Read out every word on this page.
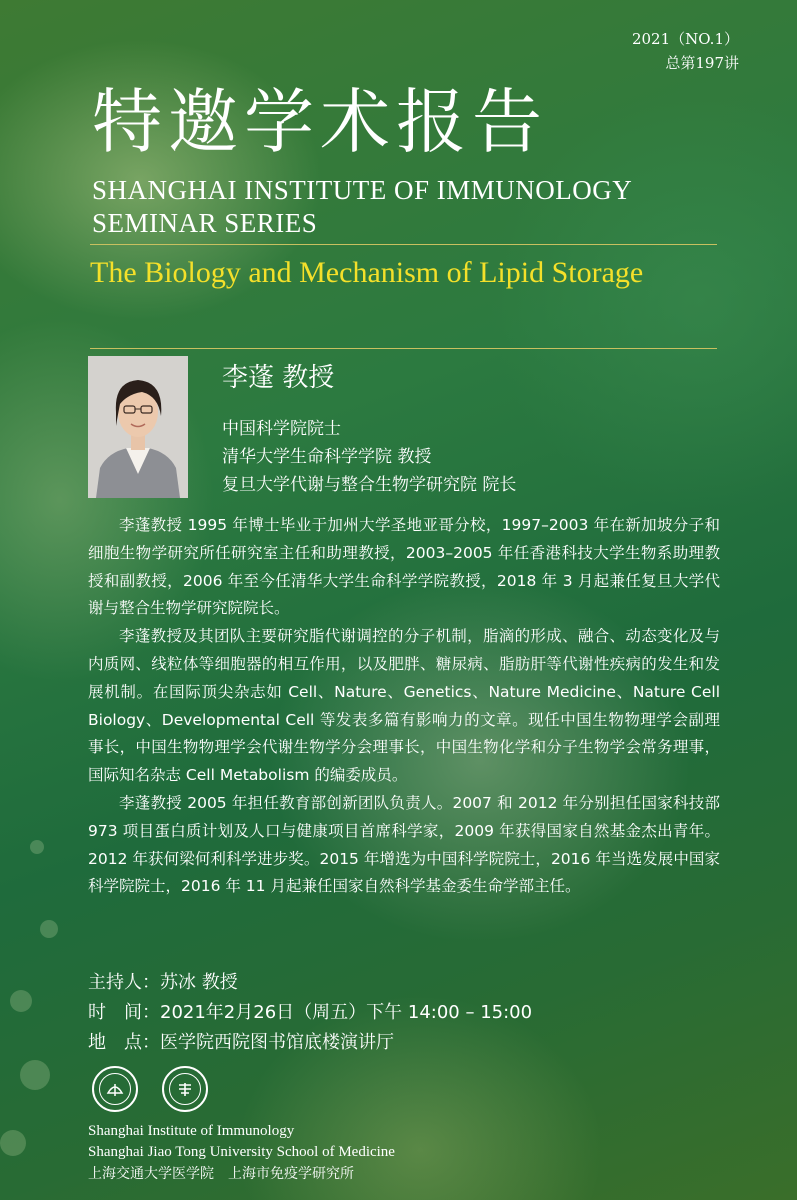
2021（NO.1）
总第197讲
特邀学术报告
SHANGHAI INSTITUTE OF IMMUNOLOGY
SEMINAR SERIES
The Biology and Mechanism of Lipid Storage
李蓬 教授
中国科学院院士
清华大学生命科学学院 教授
复旦大学代谢与整合生物学研究院 院长

李蓬教授 1995 年博士毕业于加州大学圣地亚哥分校，1997–2003 年在新加坡分子和细胞生物学研究所任研究室主任和助理教授，2003–2005 年任香港科技大学生物系助理教授和副教授，2006 年至今任清华大学生命科学学院教授，2018 年 3 月起兼任复旦大学代谢与整合生物学研究院院长。

李蓬教授及其团队主要研究脂代谢调控的分子机制，脂滴的形成、融合、动态变化及与内质网、线粒体等细胞器的相互作用，以及肥胖、糖尿病、脂肪肝等代谢性疾病的发生和发展机制。在国际顶尖杂志如 Cell、Nature、Genetics、Nature Medicine、Nature Cell Biology、Developmental Cell 等发表多篇有影响力的文章。现任中国生物物理学会副理事长，中国生物物理学会代谢生物学分会理事长，中国生物化学和分子生物学会常务理事，国际知名杂志 Cell Metabolism 的编委成员。

李蓬教授 2005 年担任教育部创新团队负责人。2007 和 2012 年分别担任国家科技部 973 项目蛋白质计划及人口与健康项目首席科学家，2009 年获得国家自然基金杰出青年。2012 年获何梁何利科学进步奖。2015 年增选为中国科学院院士，2016 年当选发展中国家科学院院士，2016 年 11 月起兼任国家自然科学基金委生命学部主任。

主持人：苏冰 教授
时　间：2021年2月26日（周五）下午 14:00 – 15:00
地　点：医学院西院图书馆底楼演讲厅
Shanghai Institute of Immunology
Shanghai Jiao Tong University School of Medicine
上海交通大学医学院　上海市免疫学研究所
